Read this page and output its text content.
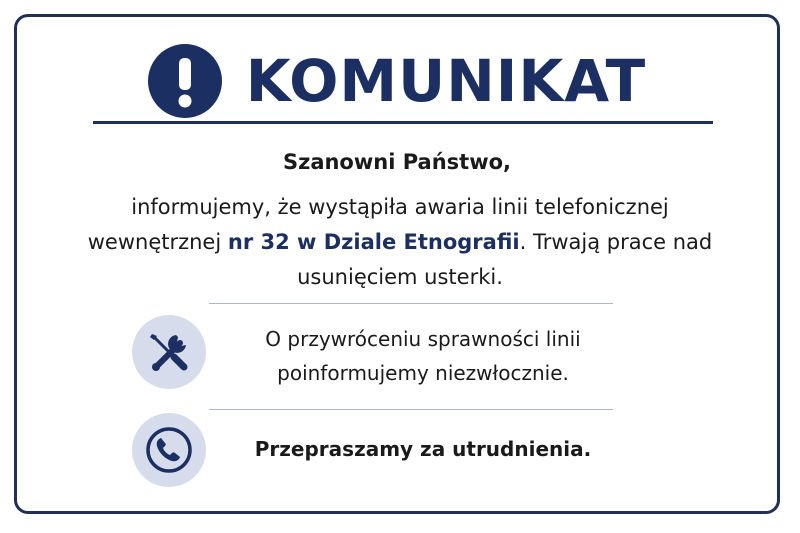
KOMUNIKAT
Szanowni Państwo,
informujemy, że wystąpiła awaria linii telefonicznej wewnętrznej nr 32 w Dziale Etnografii. Trwają prace nad usunięciem usterki.
O przywróceniu sprawności linii
poinformujemy niezwłocznie.
Przepraszamy za utrudnienia.
